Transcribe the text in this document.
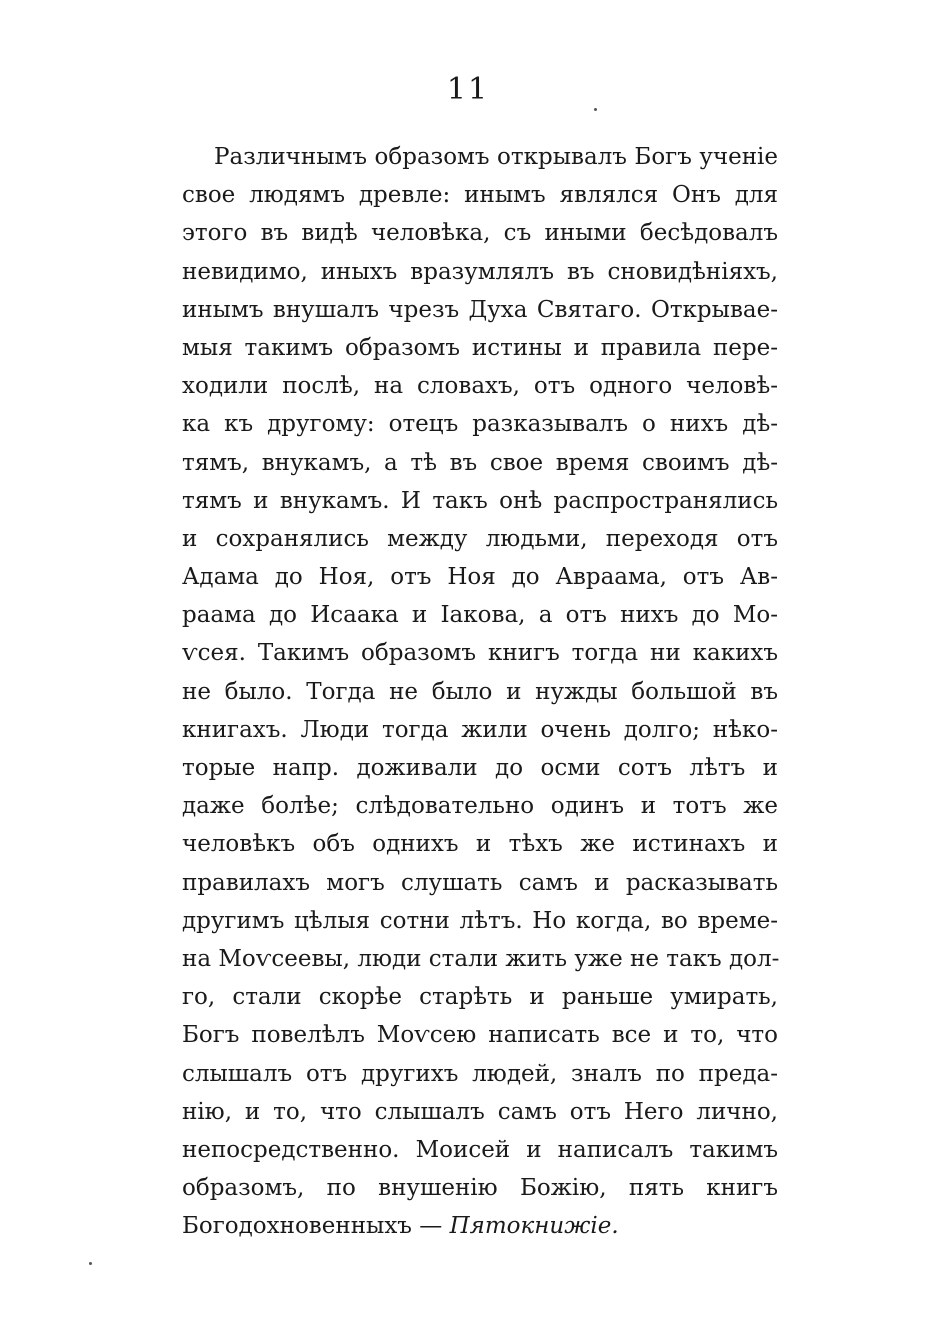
11
Различнымъ образомъ открывалъ Богъ ученіе
свое людямъ древле: инымъ являлся Онъ для
этого въ видѣ человѣка, съ иными бесѣдовалъ
невидимо, иныхъ вразумлялъ въ сновидѣніяхъ,
инымъ внушалъ чрезъ Духа Святаго. Открывае-
мыя такимъ образомъ истины и правила пере-
ходили послѣ, на словахъ, отъ одного человѣ-
ка къ другому: отецъ разказывалъ о нихъ дѣ-
тямъ, внукамъ, а тѣ въ свое время своимъ дѣ-
тямъ и внукамъ. И такъ онѣ распространялись
и сохранялись между людьми, переходя отъ
Адама до Ноя, отъ Ноя до Авраама, отъ Ав-
раама до Исаака и Іакова, а отъ нихъ до Мо-
ѵсея. Такимъ образомъ книгъ тогда ни какихъ
не было. Тогда не было и нужды большой въ
книгахъ. Люди тогда жили очень долго; нѣко-
торые напр. доживали до осми сотъ лѣтъ и
даже болѣе; слѣдовательно одинъ и тотъ же
человѣкъ объ однихъ и тѣхъ же истинахъ и
правилахъ могъ слушать самъ и расказывать
другимъ цѣлыя сотни лѣтъ. Но когда, во време-
на Моѵсеевы, люди стали жить уже не такъ дол-
го, стали скорѣе старѣть и раньше умирать,
Богъ повелѣлъ Моѵсею написать все и то, что
слышалъ отъ другихъ людей, зналъ по преда-
нію, и то, что слышалъ самъ отъ Него лично,
непосредственно. Моисей и написалъ такимъ
образомъ, по внушенію Божію, пять книгъ
Богодохновенныхъ — Пятокнижіе.
